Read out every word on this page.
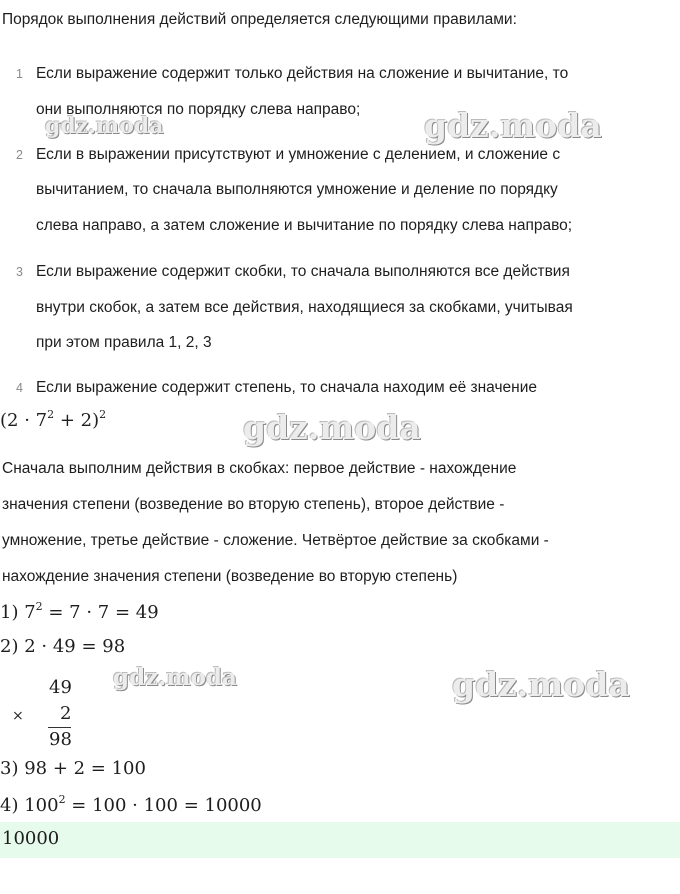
Порядок выполнения действий определяется следующими правилами:
1 Если выражение содержит только действия на сложение и вычитание, то
они выполняются по порядку слева направо;
2 Если в выражении присутствуют и умножение с делением, и сложение с
вычитанием, то сначала выполняются умножение и деление по порядку
слева направо, а затем сложение и вычитание по порядку слева направо;
3 Если выражение содержит скобки, то сначала выполняются все действия
внутри скобок, а затем все действия, находящиеся за скобками, учитывая
при этом правила 1, 2, 3
4 Если выражение содержит степень, то сначала находим её значение
$(2 \cdot 7^2 + 2)^2$
Сначала выполним действия в скобках: первое действие - нахождение
значения степени (возведение во вторую степень), второе действие -
умножение, третье действие - сложение. Четвёртое действие за скобками -
нахождение значения степени (возведение во вторую степень)
1) $7^2 = 7 \cdot 7 = 49$
2) 2 · 49 = 98
49
× 2
98
3) 98 + 2 = 100
4) $100^2 = 100 \cdot 100 = 10000$
10000
gdz.moda	gdz.moda
gdz.moda
gdz.moda	gdz.moda
